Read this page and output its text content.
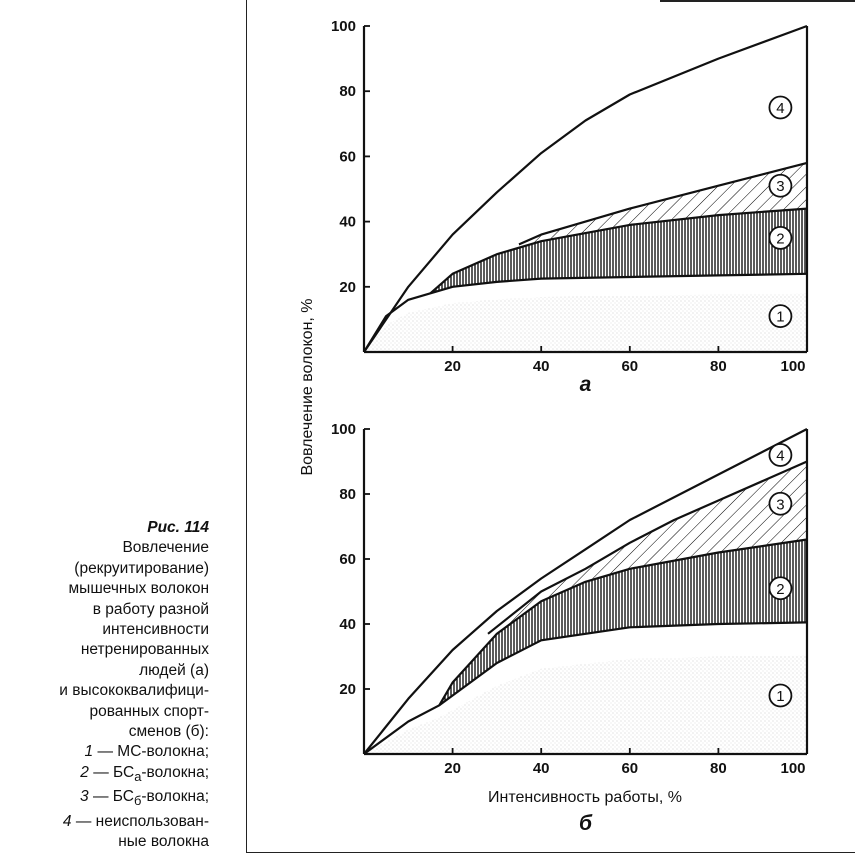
Рис. 114
Вовлечение
(рекруитирование)
мышечных волокон
в работу разной
интенсивности
нетренированных
людей (а)
и высококвалифици-
рованных спорт-
сменов (б):
1 — МС-волокна;
2 — $БС_а$-волокна;
3 — $БС_б$-волокна;
4 — неиспользован-
ные волокна
20	40	60	80	100
20
40
60
80
100
4
3
2
1
а
20	40	60	80	100
20
40
60
80
100
4
3
2
1
б
Вовлечение волокон, %
Интенсивность работы, %
